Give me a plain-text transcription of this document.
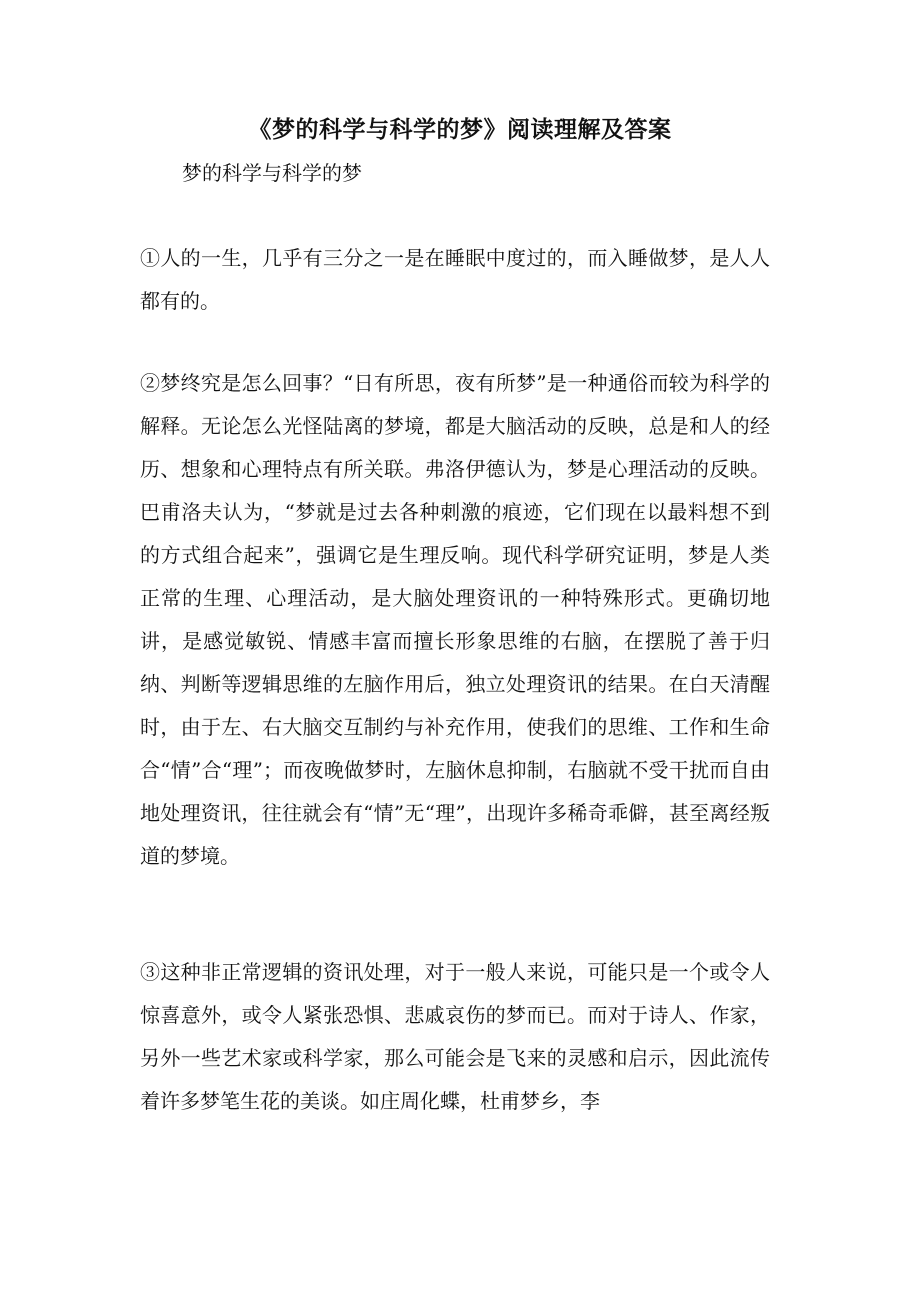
《梦的科学与科学的梦》阅读理解及答案

梦的科学与科学的梦

①人的一生，几乎有三分之一是在睡眠中度过的，而入睡做梦，是人人都有的。

②梦终究是怎么回事？“日有所思，夜有所梦”是一种通俗而较为科学的解释。无论怎么光怪陆离的梦境，都是大脑活动的反映，总是和人的经历、想象和心理特点有所关联。弗洛伊德认为，梦是心理活动的反映。巴甫洛夫认为，“梦就是过去各种刺激的痕迹，它们现在以最料想不到的方式组合起来”，强调它是生理反响。现代科学研究证明，梦是人类正常的生理、心理活动，是大脑处理资讯的一种特殊形式。更确切地讲，是感觉敏锐、情感丰富而擅长形象思维的右脑，在摆脱了善于归纳、判断等逻辑思维的左脑作用后，独立处理资讯的结果。在白天清醒时，由于左、右大脑交互制约与补充作用，使我们的思维、工作和生命合“情”合“理”；而夜晚做梦时，左脑休息抑制，右脑就不受干扰而自由地处理资讯，往往就会有“情”无“理”，出现许多稀奇乖僻，甚至离经叛道的梦境。

③这种非正常逻辑的资讯处理，对于一般人来说，可能只是一个或令人惊喜意外，或令人紧张恐惧、悲戚哀伤的梦而已。而对于诗人、作家，另外一些艺术家或科学家，那么可能会是飞来的灵感和启示，因此流传着许多梦笔生花的美谈。如庄周化蝶，杜甫梦乡，李
